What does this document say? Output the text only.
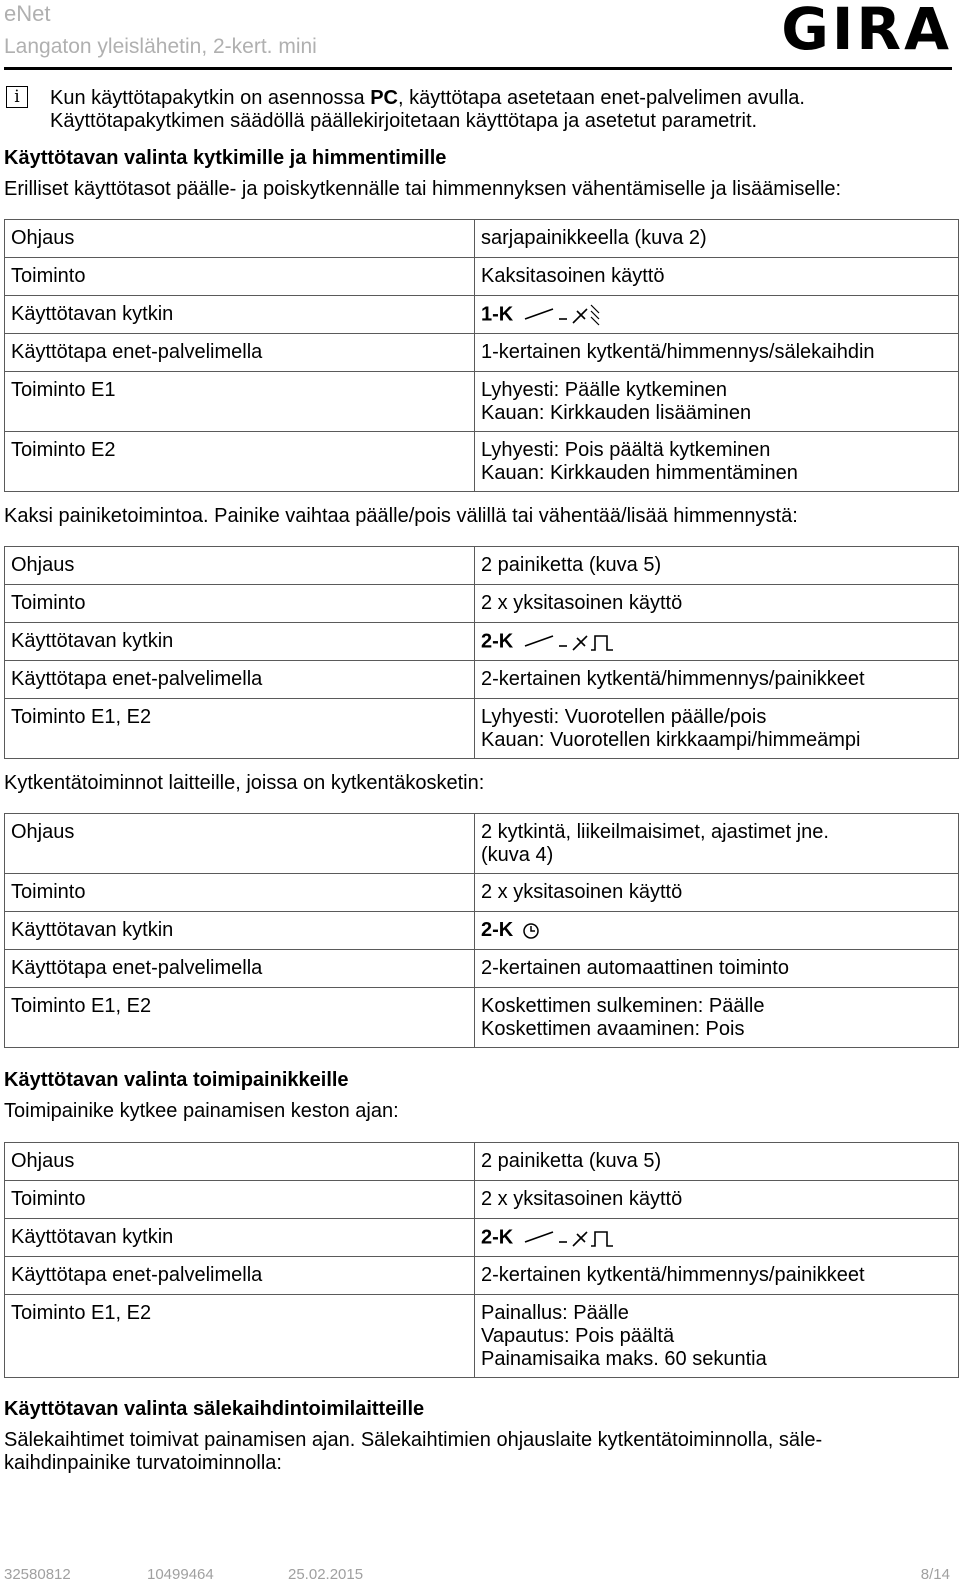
eNet
Langaton yleislähetin, 2-kert. mini	GIRA
i	Kun käyttötapakytkin on asennossa PC, käyttötapa asetetaan enet-palvelimen avulla.
Käyttötapakytkimen säädöllä päällekirjoitetaan käyttötapa ja asetetut parametrit.
Käyttötavan valinta kytkimille ja himmentimille
Erilliset käyttötasot päälle- ja poiskytkennälle tai himmennyksen vähentämiselle ja lisäämiselle:
Ohjaus	sarjapainikkeella (kuva 2)
Toiminto	Kaksitasoinen käyttö
Käyttötavan kytkin	1-K
Käyttötapa enet-palvelimella	1-kertainen kytkentä/himmennys/sälekaihdin
Toiminto E1	Lyhyesti: Päälle kytkeminen
Kauan: Kirkkauden lisääminen

Toiminto E2	Lyhyesti: Pois päältä kytkeminen
Kauan: Kirkkauden himmentäminen
Kaksi painiketoimintoa. Painike vaihtaa päälle/pois välillä tai vähentää/lisää himmennystä:
Ohjaus	2 painiketta (kuva 5)
Toiminto	2 x yksitasoinen käyttö
Käyttötavan kytkin	2-K
Käyttötapa enet-palvelimella	2-kertainen kytkentä/himmennys/painikkeet
Toiminto E1, E2	Lyhyesti: Vuorotellen päälle/pois
Kauan: Vuorotellen kirkkaampi/himmeämpi
Kytkentätoiminnot laitteille, joissa on kytkentäkosketin:
Ohjaus	2 kytkintä, liikeilmaisimet, ajastimet jne.
(kuva 4)

Toiminto	2 x yksitasoinen käyttö
Käyttötavan kytkin	2-K
Käyttötapa enet-palvelimella	2-kertainen automaattinen toiminto
Toiminto E1, E2	Koskettimen sulkeminen: Päälle
Koskettimen avaaminen: Pois
Käyttötavan valinta toimipainikkeille
Toimipainike kytkee painamisen keston ajan:
Ohjaus	2 painiketta (kuva 5)
Toiminto	2 x yksitasoinen käyttö
Käyttötavan kytkin	2-K
Käyttötapa enet-palvelimella	2-kertainen kytkentä/himmennys/painikkeet
Toiminto E1, E2	Painallus: Päälle
Vapautus: Pois päältä
Painamisaika maks. 60 sekuntia
Käyttötavan valinta sälekaihdintoimilaitteille
Sälekaihtimet toimivat painamisen ajan. Sälekaihtimien ohjauslaite kytkentätoiminnolla, säle-
kaihdinpainike turvatoiminnolla:
32580812	10499464	25.02.2015	8/14
